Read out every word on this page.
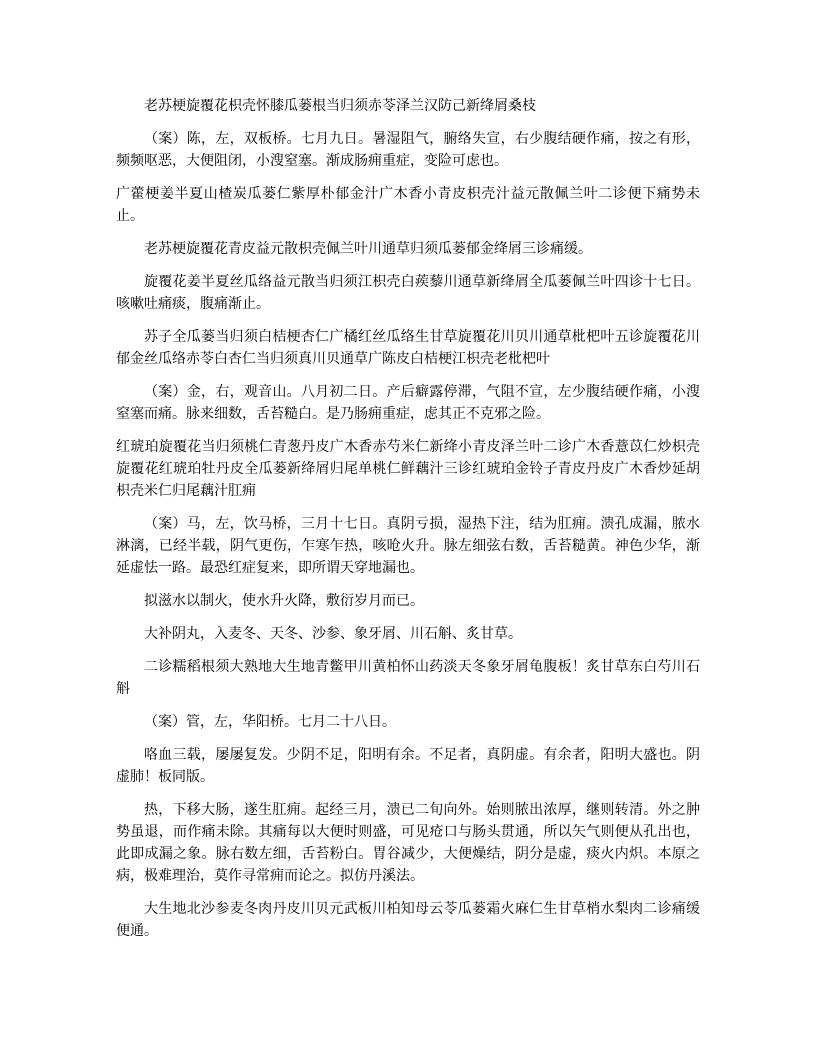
老苏梗旋覆花枳壳怀膝瓜蒌根当归须赤苓泽兰汉防己新绛屑桑枝

（案）陈，左，双板桥。七月九日。暑湿阻气，腑络失宣，右少腹结硬作痛，按之有形，频频呕恶，大便阻闭，小溲窒塞。渐成肠痈重症，变险可虑也。

广藿梗姜半夏山楂炭瓜蒌仁紫厚朴郁金汁广木香小青皮枳壳汁益元散佩兰叶二诊便下痛势未止。

老苏梗旋覆花青皮益元散枳壳佩兰叶川通草归须瓜蒌郁金绛屑三诊痛缓。

旋覆花姜半夏丝瓜络益元散当归须江枳壳白蒺藜川通草新绛屑全瓜蒌佩兰叶四诊十七日。咳嗽吐痛痰，腹痛渐止。

苏子全瓜蒌当归须白桔梗杏仁广橘红丝瓜络生甘草旋覆花川贝川通草枇杷叶五诊旋覆花川郁金丝瓜络赤苓白杏仁当归须真川贝通草广陈皮白桔梗江枳壳老枇杷叶

（案）金，右，观音山。八月初二日。产后癖露停滞，气阻不宣，左少腹结硬作痛，小溲窒塞而痛。脉来细数，舌苔糙白。是乃肠痈重症，虑其正不克邪之险。

红琥珀旋覆花当归须桃仁青葱丹皮广木香赤芍米仁新绛小青皮泽兰叶二诊广木香薏苡仁炒枳壳旋覆花红琥珀牡丹皮全瓜蒌新绛屑归尾单桃仁鲜藕汁三诊红琥珀金铃子青皮丹皮广木香炒延胡枳壳米仁归尾藕汁肛痈

（案）马，左，饮马桥，三月十七日。真阴亏损，湿热下注，结为肛痈。溃孔成漏，脓水淋漓，已经半载，阴气更伤，乍寒乍热，咳呛火升。脉左细弦右数，舌苔糙黄。神色少华，渐延虚怯一路。最恐红症复来，即所谓天穿地漏也。

拟滋水以制火，使水升火降，敷衍岁月而已。

大补阴丸，入麦冬、天冬、沙参、象牙屑、川石斛、炙甘草。

二诊糯稻根须大熟地大生地青鳖甲川黄柏怀山药淡天冬象牙屑龟腹板！炙甘草东白芍川石斛

（案）管，左，华阳桥。七月二十八日。

咯血三载，屡屡复发。少阴不足，阳明有余。不足者，真阴虚。有余者，阳明大盛也。阴虚肺！板同版。

热，下移大肠，遂生肛痈。起经三月，溃已二旬向外。始则脓出浓厚，继则转清。外之肿势虽退，而作痛未除。其痛每以大便时则盛，可见疮口与肠头贯通，所以矢气则便从孔出也，此即成漏之象。脉右数左细，舌苔粉白。胃谷减少，大便燥结，阴分是虚，痰火内炽。本原之病，极难理治，莫作寻常痈而论之。拟仿丹溪法。

大生地北沙参麦冬肉丹皮川贝元武板川柏知母云苓瓜蒌霜火麻仁生甘草梢水梨肉二诊痛缓便通。
